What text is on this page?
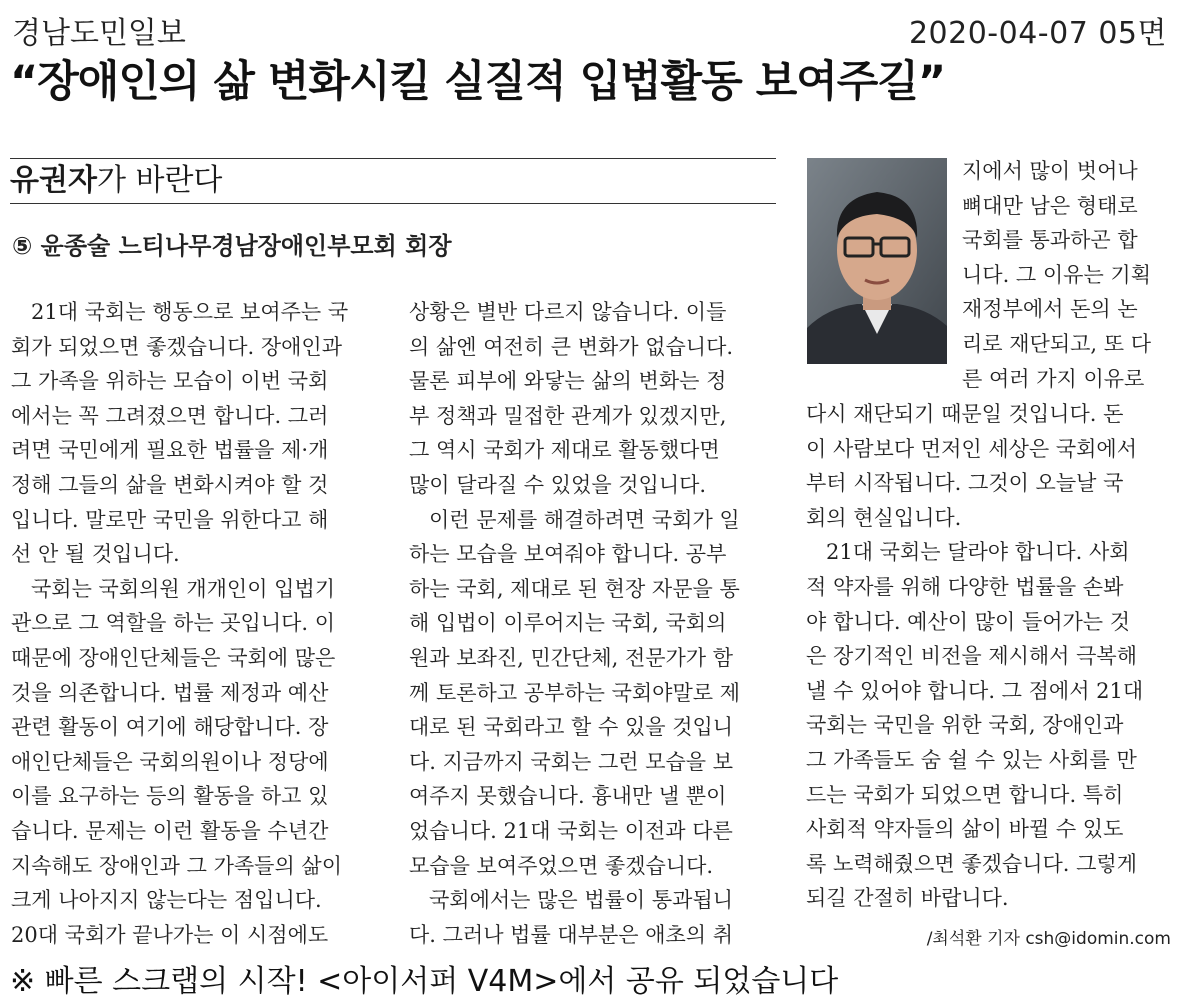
경남도민일보	2020-04-07 05면
“장애인의 삶 변화시킬 실질적 입법활동 보여주길”
유권자가 바란다
⑤ 윤종술 느티나무경남장애인부모회 회장
21대 국회는 행동으로 보여주는 국
회가 되었으면 좋겠습니다. 장애인과
그 가족을 위하는 모습이 이번 국회
에서는 꼭 그려졌으면 합니다. 그러
려면 국민에게 필요한 법률을 제·개
정해 그들의 삶을 변화시켜야 할 것
입니다. 말로만 국민을 위한다고 해
선 안 될 것입니다.
국회는 국회의원 개개인이 입법기
관으로 그 역할을 하는 곳입니다. 이
때문에 장애인단체들은 국회에 많은
것을 의존합니다. 법률 제정과 예산
관련 활동이 여기에 해당합니다. 장
애인단체들은 국회의원이나 정당에
이를 요구하는 등의 활동을 하고 있
습니다. 문제는 이런 활동을 수년간
지속해도 장애인과 그 가족들의 삶이
크게 나아지지 않는다는 점입니다.
20대 국회가 끝나가는 이 시점에도
상황은 별반 다르지 않습니다. 이들
의 삶엔 여전히 큰 변화가 없습니다.
물론 피부에 와닿는 삶의 변화는 정
부 정책과 밀접한 관계가 있겠지만,
그 역시 국회가 제대로 활동했다면
많이 달라질 수 있었을 것입니다.
이런 문제를 해결하려면 국회가 일
하는 모습을 보여줘야 합니다. 공부
하는 국회, 제대로 된 현장 자문을 통
해 입법이 이루어지는 국회, 국회의
원과 보좌진, 민간단체, 전문가가 함
께 토론하고 공부하는 국회야말로 제
대로 된 국회라고 할 수 있을 것입니
다. 지금까지 국회는 그런 모습을 보
여주지 못했습니다. 흉내만 낼 뿐이
었습니다. 21대 국회는 이전과 다른
모습을 보여주었으면 좋겠습니다.
국회에서는 많은 법률이 통과됩니
다. 그러나 법률 대부분은 애초의 취
지에서 많이 벗어나
뼈대만 남은 형태로
국회를 통과하곤 합
니다. 그 이유는 기획
재정부에서 돈의 논
리로 재단되고, 또 다
른 여러 가지 이유로
다시 재단되기 때문일 것입니다. 돈
이 사람보다 먼저인 세상은 국회에서
부터 시작됩니다. 그것이 오늘날 국
회의 현실입니다.
21대 국회는 달라야 합니다. 사회
적 약자를 위해 다양한 법률을 손봐
야 합니다. 예산이 많이 들어가는 것
은 장기적인 비전을 제시해서 극복해
낼 수 있어야 합니다. 그 점에서 21대
국회는 국민을 위한 국회, 장애인과
그 가족들도 숨 쉴 수 있는 사회를 만
드는 국회가 되었으면 합니다. 특히
사회적 약자들의 삶이 바뀔 수 있도
록 노력해줬으면 좋겠습니다. 그렇게
되길 간절히 바랍니다.
/최석환 기자 csh@idomin.com
※ 빠른 스크랩의 시작! <아이서퍼 V4M>에서 공유 되었습니다
